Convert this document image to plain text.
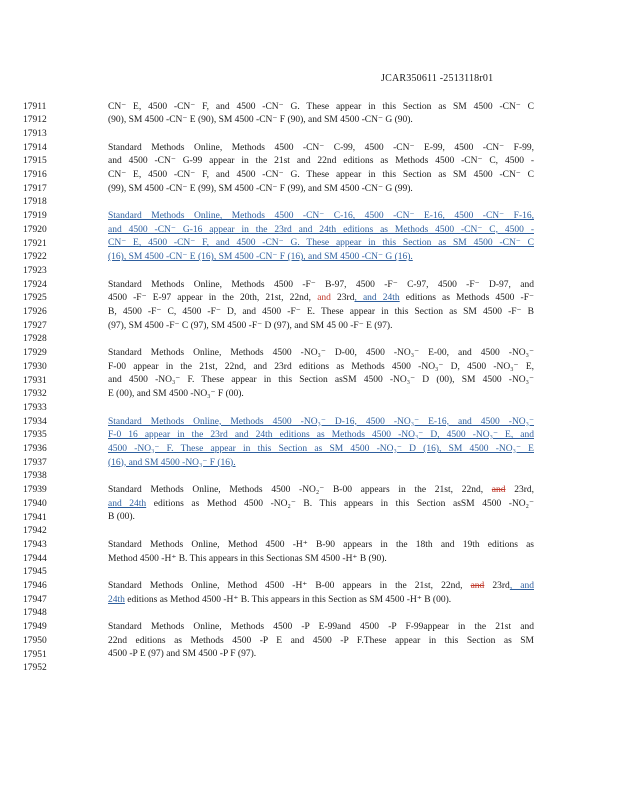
JCAR350611 -2513118r01
17911
17912
17913
17914
17915
17916
17917
17918
17919
17920
17921
17922
17923
17924
17925
17926
17927
17928
17929
17930
17931
17932
17933
17934
17935
17936
17937
17938
17939
17940
17941
17942
17943
17944
17945
17946
17947
17948
17949
17950
17951
17952
CN⁻ E, 4500 -CN⁻ F, and 4500 -CN⁻ G. These appear in this Section as SM 4500 -CN⁻ C
(90), SM 4500 -CN⁻ E (90), SM 4500 -CN⁻ F (90), and SM 4500 -CN⁻ G (90).
Standard Methods Online, Methods 4500 -CN⁻ C-99, 4500 -CN⁻ E-99, 4500 -CN⁻ F-99,
and 4500 -CN⁻ G-99 appear in the 21st and 22nd editions as Methods 4500 -CN⁻ C, 4500 -
CN⁻ E, 4500 -CN⁻ F, and 4500 -CN⁻ G. These appear in this Section as SM 4500 -CN⁻ C
(99), SM 4500 -CN⁻ E (99), SM 4500 -CN⁻ F (99), and SM 4500 -CN⁻ G (99).
Standard Methods Online, Methods 4500 -CN⁻ C-16, 4500 -CN⁻ E-16, 4500 -CN⁻ F-16,
and 4500 -CN⁻ G-16 appear in the 23rd and 24th editions as Methods 4500 -CN⁻ C, 4500 -
CN⁻ E, 4500 -CN⁻ F, and 4500 -CN⁻ G. These appear in this Section as SM 4500 -CN⁻ C
(16), SM 4500 -CN⁻ E (16), SM 4500 -CN⁻ F (16), and SM 4500 -CN⁻ G (16).
Standard Methods Online, Methods 4500 -F⁻ B-97, 4500 -F⁻ C-97, 4500 -F⁻ D-97, and
4500 -F⁻ E-97 appear in the 20th, 21st, 22nd, and 23rd, and 24th editions as Methods 4500 -F⁻
B, 4500 -F⁻ C, 4500 -F⁻ D, and 4500 -F⁻ E. These appear in this Section as SM 4500 -F⁻ B
(97), SM 4500 -F⁻ C (97), SM 4500 -F⁻ D (97), and SM 45 00 -F⁻ E (97).
Standard Methods Online, Methods 4500 -NO₃⁻ D-00, 4500 -NO₃⁻ E-00, and 4500 -NO₃⁻
F-00 appear in the 21st, 22nd, and 23rd editions as Methods 4500 -NO₃⁻ D, 4500 -NO₃⁻ E,
and 4500 -NO₃⁻ F. These appear in this Section asSM 4500 -NO₃⁻ D (00), SM 4500 -NO₃⁻
E (00), and SM 4500 -NO₃⁻ F (00).
Standard Methods Online, Methods 4500 -NO₃⁻ D-16, 4500 -NO₃⁻ E-16, and 4500 -NO₃⁻
F-0 16 appear in the 23rd and 24th editions as Methods 4500 -NO₃⁻ D, 4500 -NO₃⁻ E, and
4500 -NO₃⁻ F. These appear in this Section as SM 4500 -NO₃⁻ D (16), SM 4500 -NO₃⁻ E
(16), and SM 4500 -NO₃⁻ F (16).
Standard Methods Online, Methods 4500 -NO₂⁻ B-00 appears in the 21st, 22nd, and 23rd,
and 24th editions as Method 4500 -NO₂⁻ B. This appears in this Section asSM 4500 -NO₂⁻
B (00).
Standard Methods Online, Method 4500 -H⁺ B-90 appears in the 18th and 19th editions as
Method 4500 -H⁺ B. This appears in this Sectionas SM 4500 -H⁺ B (90).
Standard Methods Online, Method 4500 -H⁺ B-00 appears in the 21st, 22nd, and 23rd, and
24th editions as Method 4500 -H⁺ B. This appears in this Section as SM 4500 -H⁺ B (00).
Standard Methods Online, Methods 4500 -P E-99and 4500 -P F-99appear in the 21st and
22nd editions as Methods 4500 -P E and 4500 -P F.These appear in this Section as SM
4500 -P E (97) and SM 4500 -P F (97).
